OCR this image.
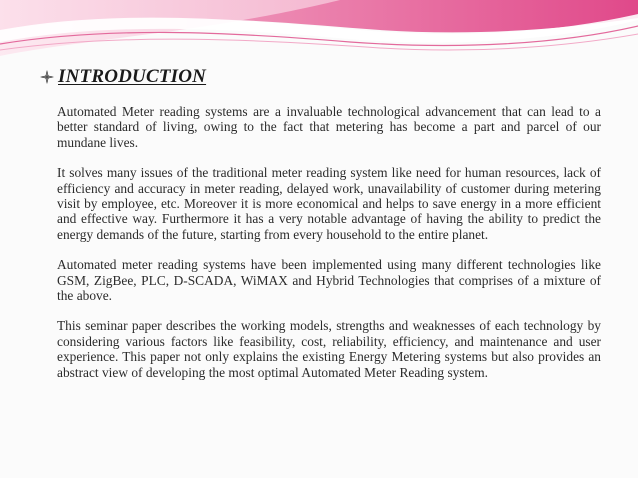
INTRODUCTION

Automated Meter reading systems are a invaluable technological advancement that can lead to a better standard of living, owing to the fact that metering has become a part and parcel of our mundane lives.

It solves many issues of the traditional meter reading system like need for human resources, lack of efficiency and accuracy in meter reading, delayed work, unavailability of customer during metering visit by employee, etc. Moreover it is more economical and helps to save energy in a more efficient and effective way. Furthermore it has a very notable advantage of having the ability to predict the energy demands of the future, starting from every household to the entire planet.

Automated meter reading systems have been implemented using many different technologies like GSM, ZigBee, PLC, D-SCADA, WiMAX and Hybrid Technologies that comprises of a mixture of the above.

This seminar paper describes the working models, strengths and weaknesses of each technology by considering various factors like feasibility, cost, reliability, efficiency, and maintenance and user experience. This paper not only explains the existing Energy Metering systems but also provides an abstract view of developing the most optimal Automated Meter Reading system.
